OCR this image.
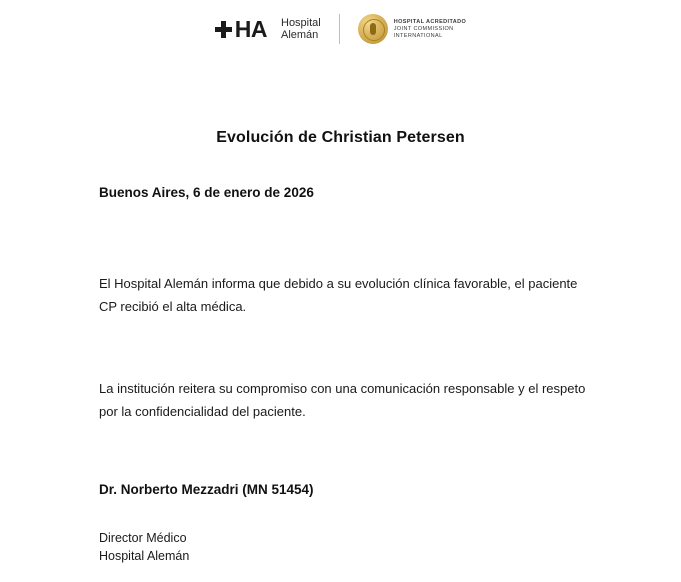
HA	Hospital
Alemán
HOSPITAL ACREDITADO
JOINT COMMISSION
INTERNATIONAL
Evolución de Christian Petersen
Buenos Aires, 6 de enero de 2026
El Hospital Alemán informa que debido a su evolución clínica favorable, el paciente CP recibió el alta médica.
La institución reitera su compromiso con una comunicación responsable y el respeto por la confidencialidad del paciente.
Dr. Norberto Mezzadri (MN 51454)
Director Médico
Hospital Alemán
